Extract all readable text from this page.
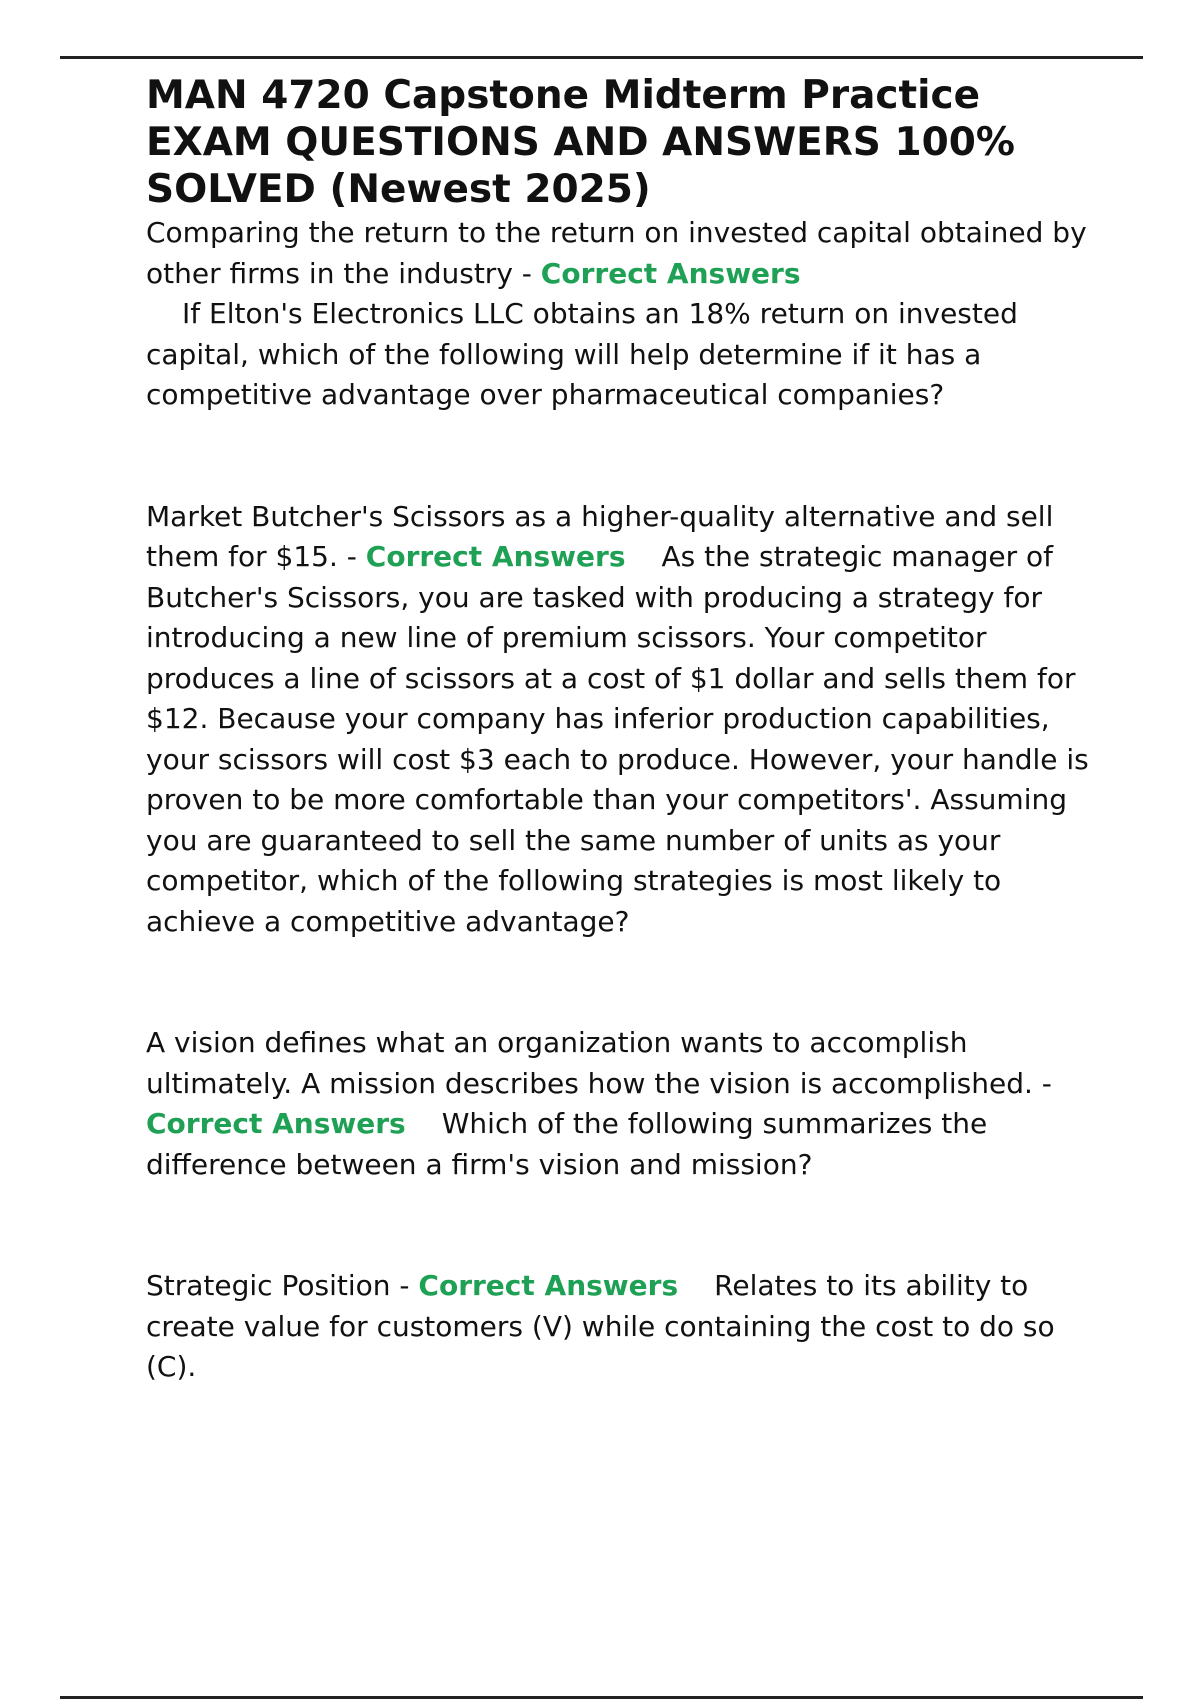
MAN 4720 Capstone Midterm Practice EXAM QUESTIONS AND ANSWERS 100% SOLVED (Newest 2025)

Comparing the return to the return on invested capital obtained by other firms in the industry - Correct Answers
If Elton's Electronics LLC obtains an 18% return on invested capital, which of the following will help determine if it has a competitive advantage over pharmaceutical companies?

Market Butcher's Scissors as a higher-quality alternative and sell them for $15. - Correct Answers As the strategic manager of Butcher's Scissors, you are tasked with producing a strategy for introducing a new line of premium scissors. Your competitor produces a line of scissors at a cost of $1 dollar and sells them for $12. Because your company has inferior production capabilities, your scissors will cost $3 each to produce. However, your handle is proven to be more comfortable than your competitors'. Assuming you are guaranteed to sell the same number of units as your competitor, which of the following strategies is most likely to achieve a competitive advantage?

A vision defines what an organization wants to accomplish ultimately. A mission describes how the vision is accomplished. - Correct Answers Which of the following summarizes the difference between a firm's vision and mission?

Strategic Position - Correct Answers Relates to its ability to create value for customers (V) while containing the cost to do so (C).
